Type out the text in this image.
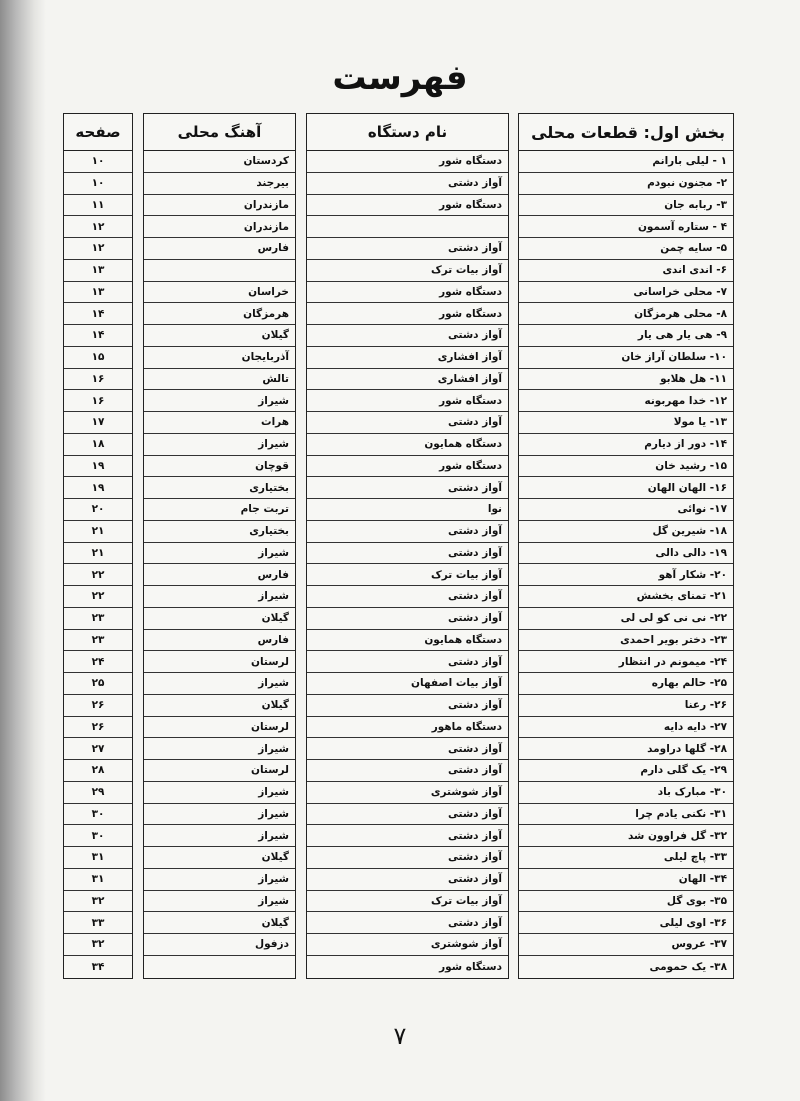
فهرست
بخش اول: قطعات محلی
۱ - لیلی بارانم
۲- مجنون نبودم
۳- ربابه جان
۴ - ستاره آسمون
۵- سایه چمن
۶- اندی اندی
۷- محلی خراسانی
۸- محلی هرمزگان
۹- هی یار هی یار
۱۰- سلطان آراز خان
۱۱- هل هلابو
۱۲- خدا مهربونه
۱۳- یا مولا
۱۴- دور از دیارم
۱۵- رشید خان
۱۶- الهان الهان
۱۷- نوائی
۱۸- شیرین گل
۱۹- دالی دالی
۲۰- شکار آهو
۲۱- تمنای بخشش
۲۲- نی نی کو لی لی
۲۳- دختر بویر احمدی
۲۴- میمونم در انتظار
۲۵- حالم بهاره
۲۶- رعنا
۲۷- دایه دایه
۲۸- گلها دراومد
۲۹- یک گلی دارم
۳۰- مبارک باد
۳۱- نکنی یادم چرا
۳۲- گل فراوون شد
۳۳- پاچ لیلی
۳۴- الهان
۳۵- بوی گل
۳۶- اوی لیلی
۳۷- عروس
۳۸- یک حمومی
نام دستگاه
دستگاه شور
آواز دشتی
دستگاه شور
آواز دشتی
آواز بیات ترک
دستگاه شور
دستگاه شور
آواز دشتی
آواز افشاری
آواز افشاری
دستگاه شور
آواز دشتی
دستگاه همایون
دستگاه شور
آواز دشتی
نوا
آواز دشتی
آواز دشتی
آواز بیات ترک
آواز دشتی
آواز دشتی
دستگاه همایون
آواز دشتی
آواز بیات اصفهان
آواز دشتی
دستگاه ماهور
آواز دشتی
آواز دشتی
آواز شوشتری
آواز دشتی
آواز دشتی
آواز دشتی
آواز دشتی
آواز بیات ترک
آواز دشتی
آواز شوشتری
دستگاه شور
آهنگ محلی
کردستان
بیرجند
مازندران
مازندران
فارس
خراسان
هرمزگان
گیلان
آذربایجان
تالش
شیراز
هرات
شیراز
قوچان
بختیاری
تربت جام
بختیاری
شیراز
فارس
شیراز
گیلان
فارس
لرستان
شیراز
گیلان
لرستان
شیراز
لرستان
شیراز
شیراز
شیراز
گیلان
شیراز
شیراز
گیلان
دزفول
صفحه
۱۰
۱۰
۱۱
۱۲
۱۲
۱۳
۱۳
۱۴
۱۴
۱۵
۱۶
۱۶
۱۷
۱۸
۱۹
۱۹
۲۰
۲۱
۲۱
۲۲
۲۲
۲۳
۲۳
۲۴
۲۵
۲۶
۲۶
۲۷
۲۸
۲۹
۳۰
۳۰
۳۱
۳۱
۳۲
۳۳
۳۲
۳۴
۷
